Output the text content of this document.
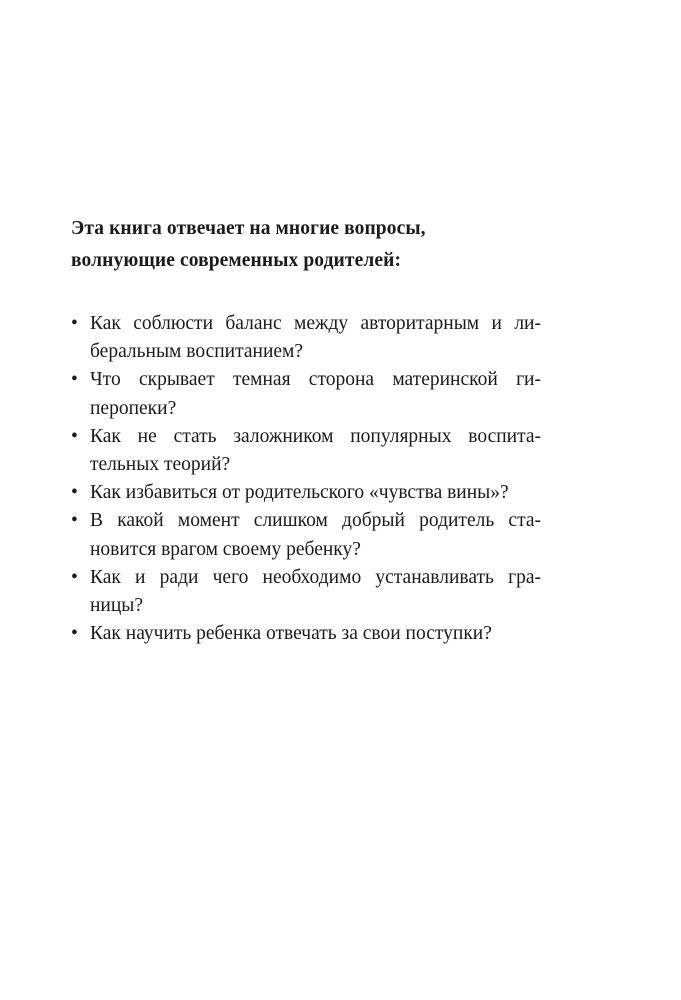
Эта книга отвечает на многие вопросы,
волнующие современных родителей:

• Как соблюсти баланс между авторитарным и ли-
беральным воспитанием?
• Что скрывает темная сторона материнской ги-
перопеки?
• Как не стать заложником популярных воспита-
тельных теорий?
• Как избавиться от родительского «чувства вины»?
• В какой момент слишком добрый родитель ста-
новится врагом своему ребенку?
• Как и ради чего необходимо устанавливать гра-
ницы?
• Как научить ребенка отвечать за свои поступки?
